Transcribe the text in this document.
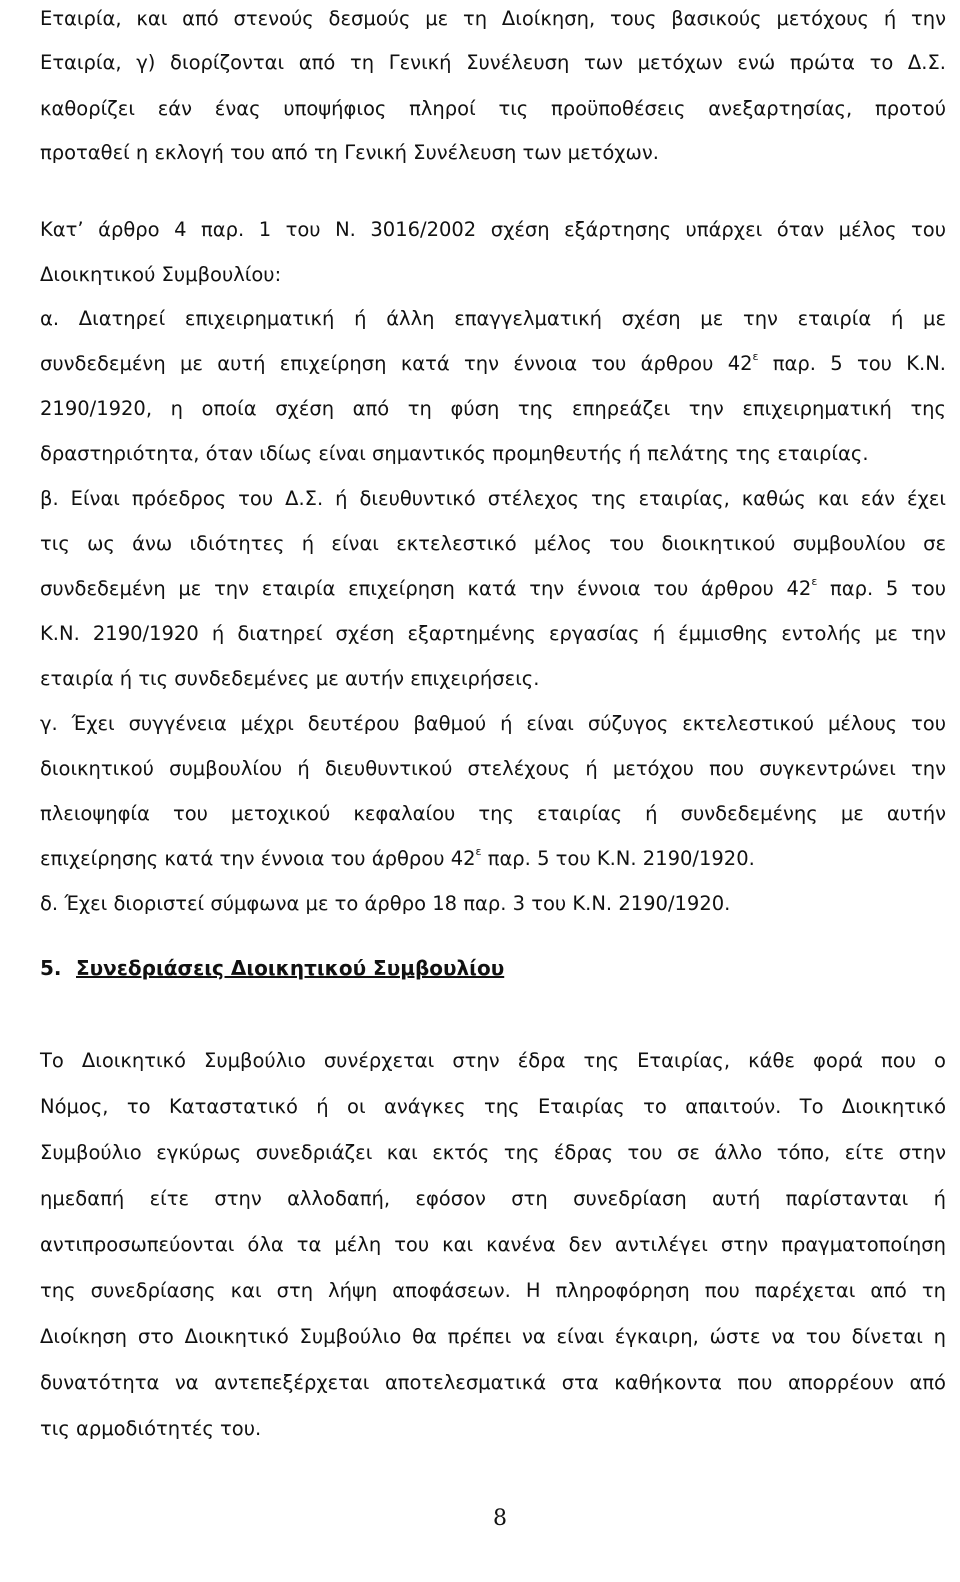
Εταιρία, και από στενούς δεσμούς με τη Διοίκηση, τους βασικούς μετόχους ή την
Εταιρία, γ) διορίζονται από τη Γενική Συνέλευση των μετόχων ενώ πρώτα το Δ.Σ.
καθορίζει εάν ένας υποψήφιος πληροί τις προϋποθέσεις ανεξαρτησίας, προτού
προταθεί η εκλογή του από τη Γενική Συνέλευση των μετόχων.
Κατ’ άρθρο 4 παρ. 1 του Ν. 3016/2002 σχέση εξάρτησης υπάρχει όταν μέλος του
Διοικητικού Συμβουλίου:
α. Διατηρεί επιχειρηματική ή άλλη επαγγελματική σχέση με την εταιρία ή με
συνδεδεμένη με αυτή επιχείρηση κατά την έννοια του άρθρου $42^\varepsilon$ παρ. 5 του Κ.Ν.
2190/1920, η οποία σχέση από τη φύση της επηρεάζει την επιχειρηματική της
δραστηριότητα, όταν ιδίως είναι σημαντικός προμηθευτής ή πελάτης της εταιρίας.
β. Είναι πρόεδρος του Δ.Σ. ή διευθυντικό στέλεχος της εταιρίας, καθώς και εάν έχει
τις ως άνω ιδιότητες ή είναι εκτελεστικό μέλος του διοικητικού συμβουλίου σε
συνδεδεμένη με την εταιρία επιχείρηση κατά την έννοια του άρθρου $42^\varepsilon$ παρ. 5 του
Κ.Ν. 2190/1920 ή διατηρεί σχέση εξαρτημένης εργασίας ή έμμισθης εντολής με την
εταιρία ή τις συνδεδεμένες με αυτήν επιχειρήσεις.
γ. Έχει συγγένεια μέχρι δευτέρου βαθμού ή είναι σύζυγος εκτελεστικού μέλους του
διοικητικού συμβουλίου ή διευθυντικού στελέχους ή μετόχου που συγκεντρώνει την
πλειοψηφία του μετοχικού κεφαλαίου της εταιρίας ή συνδεδεμένης με αυτήν
επιχείρησης κατά την έννοια του άρθρου $42^\varepsilon$ παρ. 5 του Κ.Ν. 2190/1920.
δ. Έχει διοριστεί σύμφωνα με το άρθρο 18 παρ. 3 του Κ.Ν. 2190/1920.
5. Συνεδριάσεις Διοικητικού Συμβουλίου
Το Διοικητικό Συμβούλιο συνέρχεται στην έδρα της Εταιρίας, κάθε φορά που ο
Νόμος, το Καταστατικό ή οι ανάγκες της Εταιρίας το απαιτούν. Το Διοικητικό
Συμβούλιο εγκύρως συνεδριάζει και εκτός της έδρας του σε άλλο τόπο, είτε στην
ημεδαπή είτε στην αλλοδαπή, εφόσον στη συνεδρίαση αυτή παρίστανται ή
αντιπροσωπεύονται όλα τα μέλη του και κανένα δεν αντιλέγει στην πραγματοποίηση
της συνεδρίασης και στη λήψη αποφάσεων. Η πληροφόρηση που παρέχεται από τη
Διοίκηση στο Διοικητικό Συμβούλιο θα πρέπει να είναι έγκαιρη, ώστε να του δίνεται η
δυνατότητα να αντεπεξέρχεται αποτελεσματικά στα καθήκοντα που απορρέουν από
τις αρμοδιότητές του.
8
